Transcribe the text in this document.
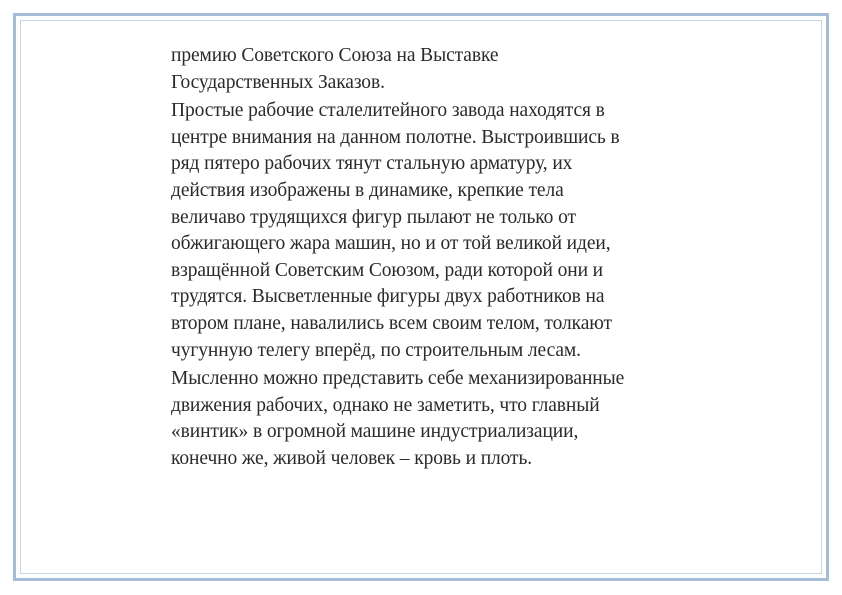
премию Советского Союза на Выставке
Государственных Заказов.

Простые рабочие сталелитейного завода находятся в
центре внимания на данном полотне. Выстроившись в
ряд пятеро рабочих тянут стальную арматуру, их
действия изображены в динамике, крепкие тела
величаво трудящихся фигур пылают не только от
обжигающего жара машин, но и от той великой идеи,
взращённой Советским Союзом, ради которой они и
трудятся. Высветленные фигуры двух работников на
втором плане, навалились всем своим телом, толкают
чугунную телегу вперёд, по строительным лесам.

Мысленно можно представить себе механизированные
движения рабочих, однако не заметить, что главный
«винтик» в огромной машине индустриализации,
конечно же, живой человек – кровь и плоть.
